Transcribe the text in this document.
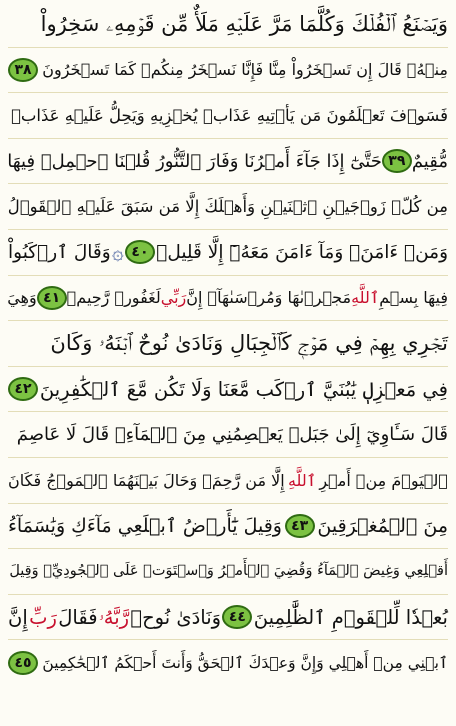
وَيَصۡنَعُ ٱلۡفُلۡكَ وَكُلَّمَا مَرَّ عَلَيۡهِ مَلَأٌ مِّن قَوۡمِهِۦ سَخِرُواْ
مِنۡهُۚ قَالَ إِن تَسۡخَرُواْ مِنَّا فَإِنَّا نَسۡخَرُ مِنكُمۡ كَمَا تَسۡخَرُونَ
٣٨
فَسَوۡفَ تَعۡلَمُونَ مَن يَأۡتِيهِ عَذَابٞ يُخۡزِيهِ وَيَحِلُّ عَلَيۡهِ عَذَابٞ
مُّقِيمٌ
٣٩
حَتَّىٰٓ إِذَا جَآءَ أَمۡرُنَا وَفَارَ ٱلتَّنُّورُ قُلۡنَا ٱحۡمِلۡ فِيهَا
مِن كُلّٖ زَوۡجَيۡنِ ٱثۡنَيۡنِ وَأَهۡلَكَ إِلَّا مَن سَبَقَ عَلَيۡهِ ٱلۡقَوۡلُ
وَمَنۡ ءَامَنَۚ وَمَآ ءَامَنَ مَعَهُۥٓ إِلَّا قَلِيلٞ
٤٠
۞
وَقَالَ ٱرۡكَبُواْ
فِيهَا بِسۡمِ
ٱللَّهِ
مَجۡرٜىٰهَا وَمُرۡسَىٰهَآۚ إِنَّ
رَبِّي
لَغَفُورٞ رَّحِيمٞ
٤١
وَهِيَ
تَجۡرِي بِهِمۡ فِي مَوۡجٖ كَٱلۡجِبَالِ وَنَادَىٰ نُوحٌ ٱبۡنَهُۥ وَكَانَ
فِي مَعۡزِلٖ يَٰبُنَيَّ ٱرۡكَب مَّعَنَا وَلَا تَكُن مَّعَ ٱلۡكَٰفِرِينَ
٤٢
قَالَ سَـَٔاوِيٓ إِلَىٰ جَبَلٖ يَعۡصِمُنِي مِنَ ٱلۡمَآءِۚ قَالَ لَا عَاصِمَ
ٱلۡيَوۡمَ مِنۡ أَمۡرِ
ٱللَّهِ
إِلَّا مَن رَّحِمَۚ وَحَالَ بَيۡنَهُمَا ٱلۡمَوۡجُ فَكَانَ
مِنَ ٱلۡمُغۡرَقِينَ
٤٣
وَقِيلَ يَٰٓأَرۡضُ ٱبۡلَعِي مَآءَكِ وَيَٰسَمَآءُ
أَقۡلِعِي وَغِيضَ ٱلۡمَآءُ وَقُضِيَ ٱلۡأَمۡرُ وَٱسۡتَوَتۡ عَلَى ٱلۡجُودِيِّۖ وَقِيلَ
بُعۡدٗا لِّلۡقَوۡمِ ٱلظَّٰلِمِينَ
٤٤
وَنَادَىٰ نُوحٞ
رَّبَّهُۥ
فَقَالَ
رَبِّ
إِنَّ
ٱبۡنِي مِنۡ أَهۡلِي وَإِنَّ وَعۡدَكَ ٱلۡحَقُّ وَأَنتَ أَحۡكَمُ ٱلۡحَٰكِمِينَ
٤٥
